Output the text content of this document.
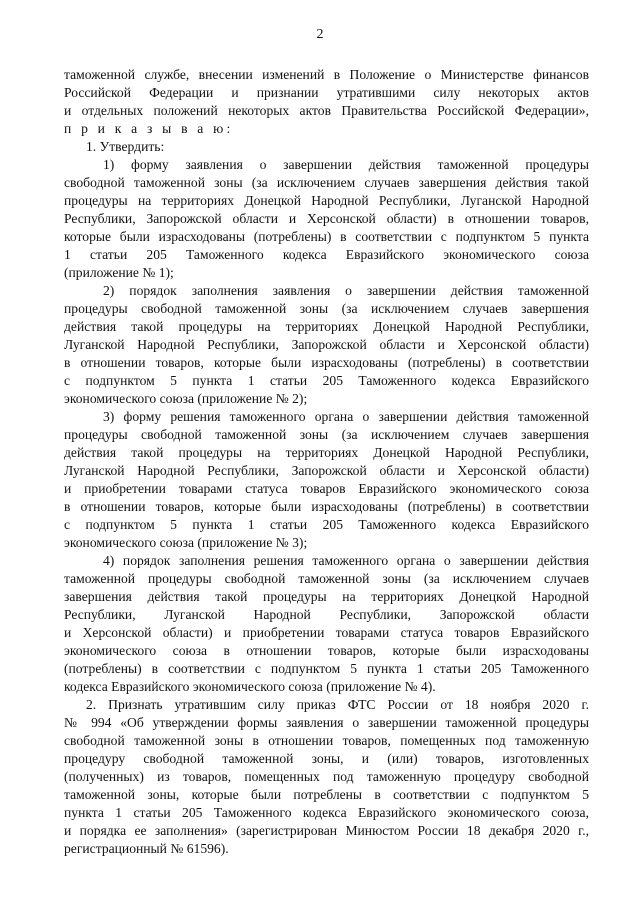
2
таможенной службе, внесении изменений в Положение о Министерстве финансов
Российской Федерации и признании утратившими силу некоторых актов
и отдельных положений некоторых актов Правительства Российской Федерации»,
п р и к а з ы в а ю:
1. Утвердить:
1) форму заявления о завершении действия таможенной процедуры
свободной таможенной зоны (за исключением случаев завершения действия такой
процедуры на территориях Донецкой Народной Республики, Луганской Народной
Республики, Запорожской области и Херсонской области) в отношении товаров,
которые были израсходованы (потреблены) в соответствии с подпунктом 5 пункта
1 статьи 205 Таможенного кодекса Евразийского экономического союза
(приложение № 1);
2) порядок заполнения заявления о завершении действия таможенной
процедуры свободной таможенной зоны (за исключением случаев завершения
действия такой процедуры на территориях Донецкой Народной Республики,
Луганской Народной Республики, Запорожской области и Херсонской области)
в отношении товаров, которые были израсходованы (потреблены) в соответствии
с подпунктом 5 пункта 1 статьи 205 Таможенного кодекса Евразийского
экономического союза (приложение № 2);
3) форму решения таможенного органа о завершении действия таможенной
процедуры свободной таможенной зоны (за исключением случаев завершения
действия такой процедуры на территориях Донецкой Народной Республики,
Луганской Народной Республики, Запорожской области и Херсонской области)
и приобретении товарами статуса товаров Евразийского экономического союза
в отношении товаров, которые были израсходованы (потреблены) в соответствии
с подпунктом 5 пункта 1 статьи 205 Таможенного кодекса Евразийского
экономического союза (приложение № 3);
4) порядок заполнения решения таможенного органа о завершении действия
таможенной процедуры свободной таможенной зоны (за исключением случаев
завершения действия такой процедуры на территориях Донецкой Народной
Республики, Луганской Народной Республики, Запорожской области
и Херсонской области) и приобретении товарами статуса товаров Евразийского
экономического союза в отношении товаров, которые были израсходованы
(потреблены) в соответствии с подпунктом 5 пункта 1 статьи 205 Таможенного
кодекса Евразийского экономического союза (приложение № 4).
2. Признать утратившим силу приказ ФТС России от 18 ноября 2020 г.
№ 994 «Об утверждении формы заявления о завершении таможенной процедуры
свободной таможенной зоны в отношении товаров, помещенных под таможенную
процедуру свободной таможенной зоны, и (или) товаров, изготовленных
(полученных) из товаров, помещенных под таможенную процедуру свободной
таможенной зоны, которые были потреблены в соответствии с подпунктом 5
пункта 1 статьи 205 Таможенного кодекса Евразийского экономического союза,
и порядка ее заполнения» (зарегистрирован Минюстом России 18 декабря 2020 г.,
регистрационный № 61596).
